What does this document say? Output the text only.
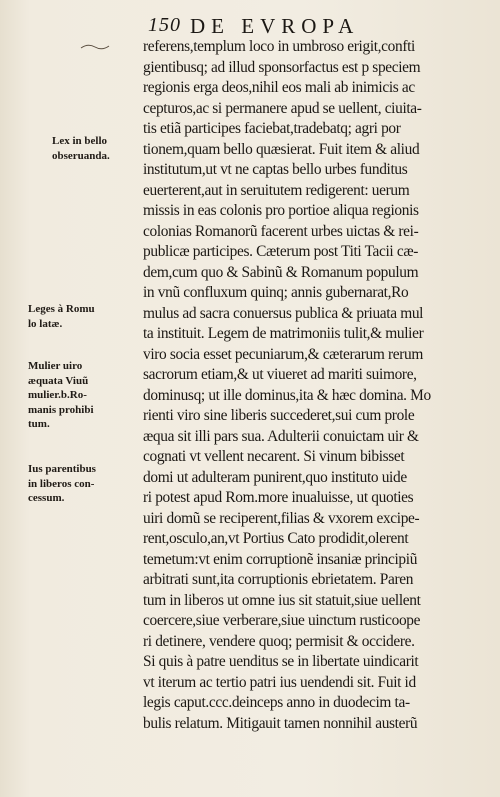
150 DE EVROPA
referens,templum loco in umbroso erigit,confti
gientibusq; ad illud sponsorfactus est p speciem
regionis erga deos,nihil eos mali ab inimicis ac
cepturos,ac si permanere apud se uellent, ciuita-
tis etiã participes faciebat,tradebatq; agri por
tionem,quam bello quæsierat. Fuit item & aliud
institutum,ut vt ne captas bello urbes funditus
euerterent,aut in seruitutem redigerent: uerum
missis in eas colonis pro portioe aliqua regionis
colonias Romanorũ facerent urbes uictas & rei-
publicæ participes. Cæterum post Titi Tacii cæ-
dem,cum quo & Sabinũ & Romanum populum
in vnũ confluxum quinq; annis gubernarat,Ro
mulus ad sacra conuersus publica & priuata mul
ta instituit. Legem de matrimoniis tulit,& mulier
viro socia esset pecuniarum,& cæterarum rerum
sacrorum etiam,& ut viueret ad mariti suimore,
dominusq; ut ille dominus,ita & hæc domina. Mo
rienti viro sine liberis succederet,sui cum prole
æqua sit illi pars sua. Adulterii conuictam uir &
cognati vt vellent necarent. Si vinum bibisset
domi ut adulteram punirent,quo instituto uide
ri potest apud Rom.more inualuisse, ut quoties
uiri domũ se reciperent,filias & vxorem excipe-
rent,osculo,an,vt Portius Cato prodidit,olerent
temetum:vt enim corruptionẽ insaniæ principiũ
arbitrati sunt,ita corruptionis ebrietatem. Paren
tum in liberos ut omne ius sit statuit,siue uellent
coercere,siue verberare,siue uinctum rusticoope
ri detinere, vendere quoq; permisit & occidere.
Si quis à patre uenditus se in libertate uindicarit
vt iterum ac tertio patri ius uendendi sit. Fuit id
legis caput.ccc.deinceps anno in duodecim ta-
bulis relatum. Mitigauit tamen nonnihil austerũ
Lex in bello
obseruanda.
Leges à Romu
lo latæ.
Mulier uiro
æquata Viuũ
mulier.b.Ro-
manis prohibi
tum.
Ius parentibus
in liberos con-
cessum.
